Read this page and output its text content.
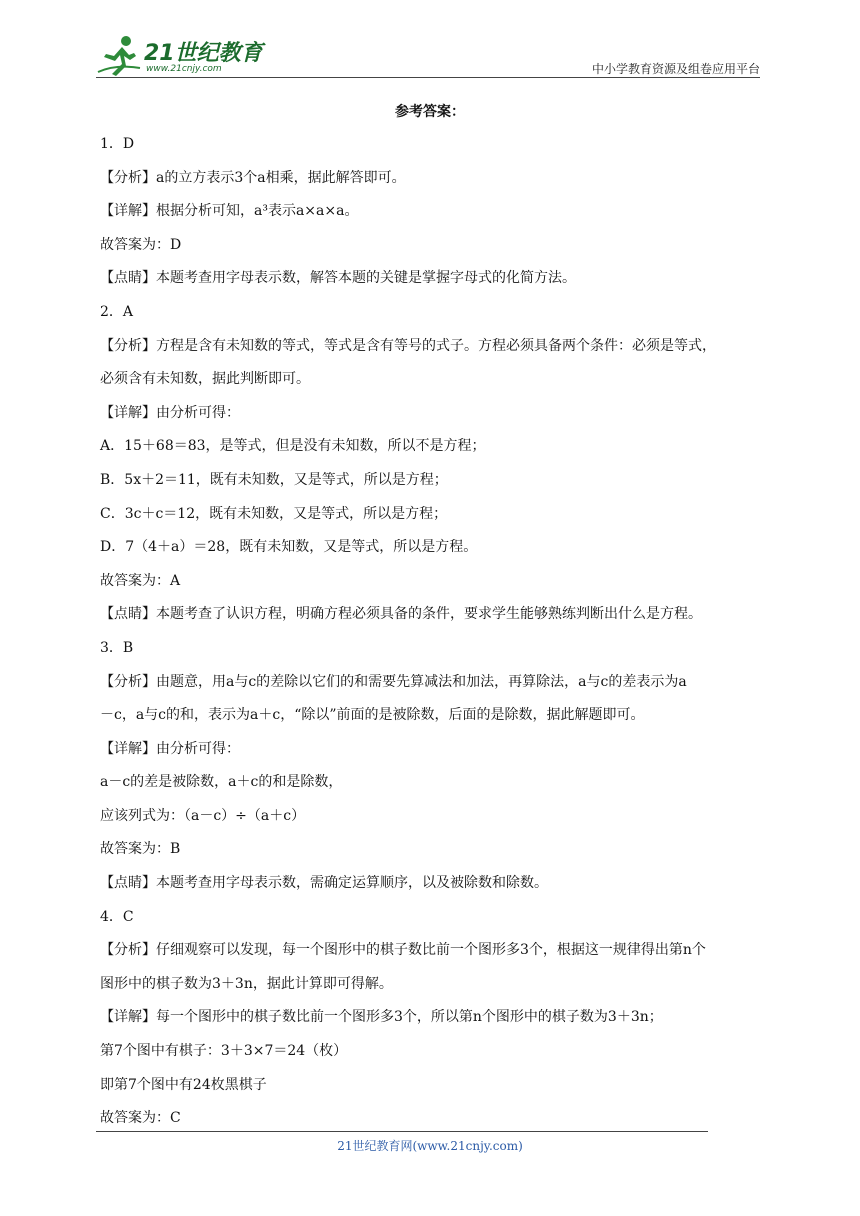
21世纪教育
www.21cnjy.com	中小学教育资源及组卷应用平台
参考答案：
1．D
【分析】a的立方表示3个a相乘，据此解答即可。
【详解】根据分析可知，a³表示a×a×a。
故答案为：D
【点睛】本题考查用字母表示数，解答本题的关键是掌握字母式的化简方法。
2．A
【分析】方程是含有未知数的等式，等式是含有等号的式子。方程必须具备两个条件：必须是等式，
必须含有未知数，据此判断即可。
【详解】由分析可得：
A．15＋68＝83，是等式，但是没有未知数，所以不是方程；
B．5x＋2＝11，既有未知数，又是等式，所以是方程；
C．3c＋c＝12，既有未知数，又是等式，所以是方程；
D．7（4＋a）＝28，既有未知数，又是等式，所以是方程。
故答案为：A
【点睛】本题考查了认识方程，明确方程必须具备的条件，要求学生能够熟练判断出什么是方程。
3．B
【分析】由题意，用a与c的差除以它们的和需要先算减法和加法，再算除法，a与c的差表示为a
－c，a与c的和，表示为a＋c，“除以”前面的是被除数，后面的是除数，据此解题即可。
【详解】由分析可得：
a－c的差是被除数，a＋c的和是除数，
应该列式为：（a－c）÷（a＋c）
故答案为：B
【点睛】本题考查用字母表示数，需确定运算顺序，以及被除数和除数。
4．C
【分析】仔细观察可以发现，每一个图形中的棋子数比前一个图形多3个，根据这一规律得出第n个
图形中的棋子数为3＋3n，据此计算即可得解。
【详解】每一个图形中的棋子数比前一个图形多3个，所以第n个图形中的棋子数为3＋3n；
第7个图中有棋子：3＋3×7＝24（枚）
即第7个图中有24枚黑棋子
故答案为：C
21世纪教育网(www.21cnjy.com)
